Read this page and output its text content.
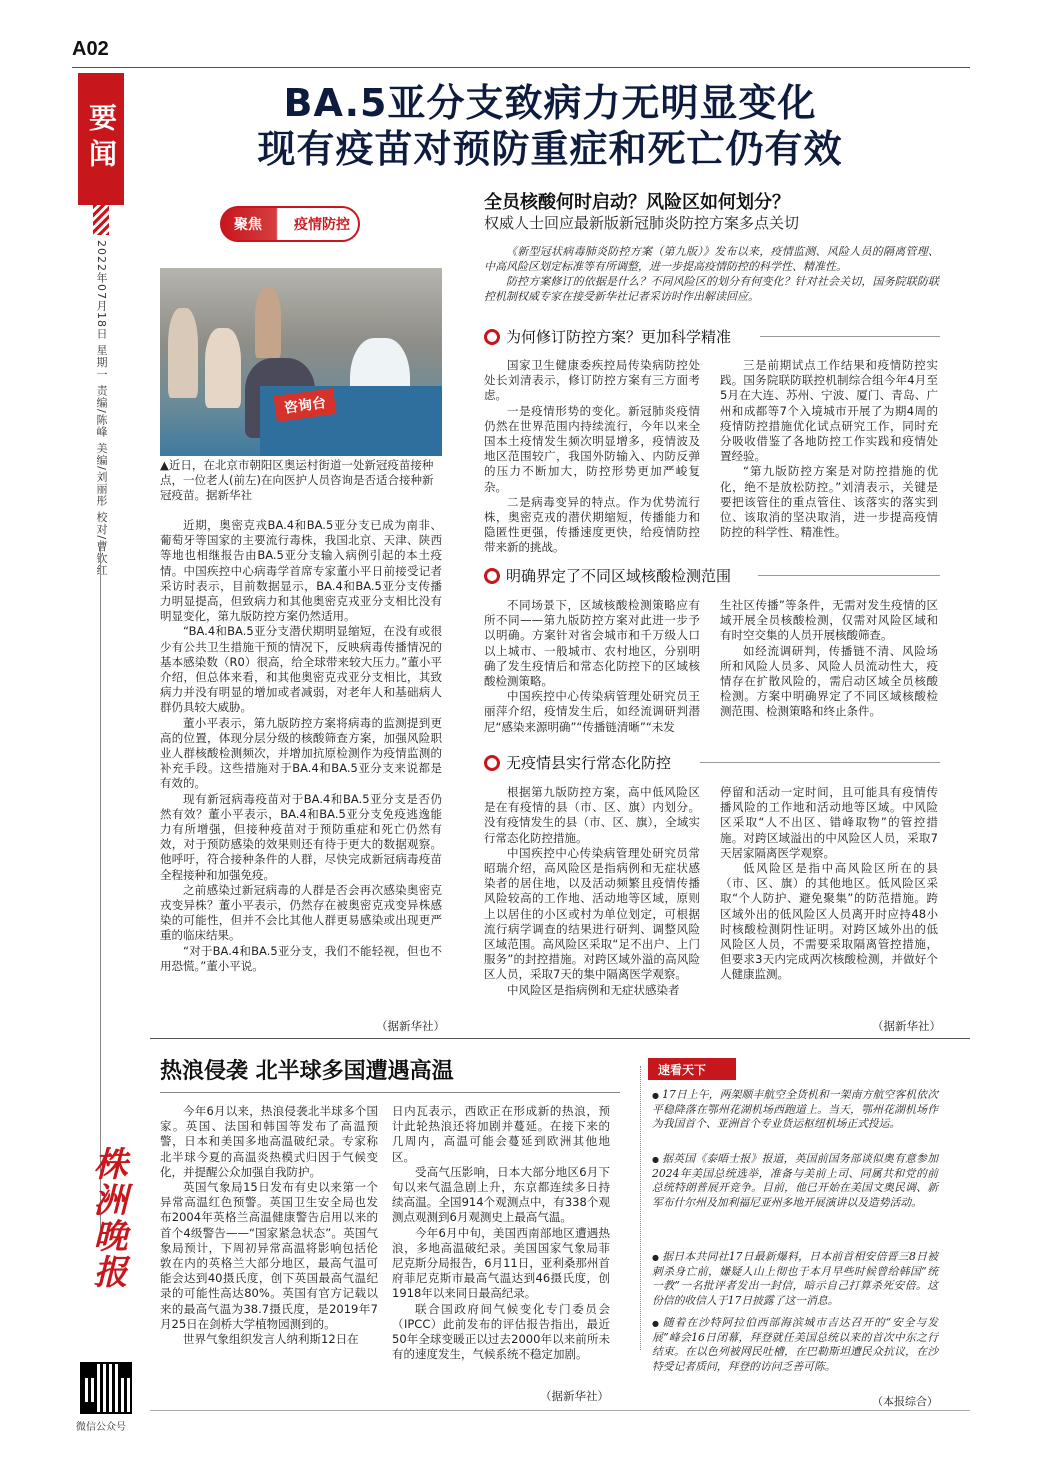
A02
要闻
2022年07月18日 星期一 责编/陈峰 美编/刘丽彤 校对/曹钦红
株洲晚报
微信公众号
BA.5亚分支致病力无明显变化
现有疫苗对预防重症和死亡仍有效
聚焦	疫情防控
咨询台
▲近日，在北京市朝阳区奥运村街道一处新冠疫苗接种点，一位老人(前左)在向医护人员咨询是否适合接种新冠疫苗。据新华社

近期，奥密克戎BA.4和BA.5亚分支已成为南非、葡萄牙等国家的主要流行毒株，我国北京、天津、陕西等地也相继报告由BA.5亚分支输入病例引起的本土疫情。中国疾控中心病毒学首席专家董小平日前接受记者采访时表示，目前数据显示，BA.4和BA.5亚分支传播力明显提高，但致病力和其他奥密克戎亚分支相比没有明显变化，第九版防控方案仍然适用。

“BA.4和BA.5亚分支潜伏期明显缩短，在没有或很少有公共卫生措施干预的情况下，反映病毒传播情况的基本感染数（R0）很高，给全球带来较大压力。”董小平介绍，但总体来看，和其他奥密克戎亚分支相比，其致病力并没有明显的增加或者减弱，对老年人和基础病人群仍具较大威胁。

董小平表示，第九版防控方案将病毒的监测提到更高的位置，体现分层分级的核酸筛查方案，加强风险职业人群核酸检测频次，并增加抗原检测作为疫情监测的补充手段。这些措施对于BA.4和BA.5亚分支来说都是有效的。

现有新冠病毒疫苗对于BA.4和BA.5亚分支是否仍然有效？董小平表示，BA.4和BA.5亚分支免疫逃逸能力有所增强，但接种疫苗对于预防重症和死亡仍然有效，对于预防感染的效果则还有待于更大的数据观察。他呼吁，符合接种条件的人群，尽快完成新冠病毒疫苗全程接种和加强免疫。

之前感染过新冠病毒的人群是否会再次感染奥密克戎变异株？董小平表示，仍然存在被奥密克戎变异株感染的可能性，但并不会比其他人群更易感染或出现更严重的临床结果。

“对于BA.4和BA.5亚分支，我们不能轻视，但也不用恐慌。”董小平说。

（据新华社）
全员核酸何时启动？风险区如何划分？
权威人士回应最新版新冠肺炎防控方案多点关切

《新型冠状病毒肺炎防控方案（第九版）》发布以来，疫情监测、风险人员的隔离管理、中高风险区划定标准等有所调整，进一步提高疫情防控的科学性、精准性。

防控方案修订的依据是什么？不同风险区的划分有何变化？针对社会关切，国务院联防联控机制权威专家在接受新华社记者采访时作出解读回应。

为何修订防控方案？更加科学精准

国家卫生健康委疾控局传染病防控处处长刘清表示，修订防控方案有三方面考虑。

一是疫情形势的变化。新冠肺炎疫情仍然在世界范围内持续流行，今年以来全国本土疫情发生频次明显增多，疫情波及地区范围较广，我国外防输入、内防反弹的压力不断加大，防控形势更加严峻复杂。

二是病毒变异的特点。作为优势流行株，奥密克戎的潜伏期缩短，传播能力和隐匿性更强，传播速度更快，给疫情防控带来新的挑战。

三是前期试点工作结果和疫情防控实践。国务院联防联控机制综合组今年4月至5月在大连、苏州、宁波、厦门、青岛、广州和成都等7个入境城市开展了为期4周的疫情防控措施优化试点研究工作，同时充分吸收借鉴了各地防控工作实践和疫情处置经验。

“第九版防控方案是对防控措施的优化，绝不是放松防控。”刘清表示，关键是要把该管住的重点管住、该落实的落实到位、该取消的坚决取消，进一步提高疫情防控的科学性、精准性。

明确界定了不同区域核酸检测范围

不同场景下，区域核酸检测策略应有所不同——第九版防控方案对此进一步予以明确。方案针对省会城市和千万级人口以上城市、一般城市、农村地区，分别明确了发生疫情后和常态化防控下的区域核酸检测策略。

中国疾控中心传染病管理处研究员王丽萍介绍，疫情发生后，如经流调研判潜尼“感染来源明确”“传播链清晰”“未发

生社区传播”等条件，无需对发生疫情的区域开展全员核酸检测，仅需对风险区域和有时空交集的人员开展核酸筛查。

如经流调研判，传播链不清、风险场所和风险人员多、风险人员流动性大，疫情存在扩散风险的，需启动区域全员核酸检测。方案中明确界定了不同区域核酸检测范围、检测策略和终止条件。

无疫情县实行常态化防控

根据第九版防控方案，高中低风险区是在有疫情的县（市、区、旗）内划分。没有疫情发生的县（市、区、旗），全域实行常态化防控措施。

中国疾控中心传染病管理处研究员常昭瑞介绍，高风险区是指病例和无症状感染者的居住地，以及活动频繁且疫情传播风险较高的工作地、活动地等区域，原则上以居住的小区或村为单位划定，可根据流行病学调查的结果进行研判、调整风险区域范围。高风险区采取“足不出户、上门服务”的封控措施。对跨区域外溢的高风险区人员，采取7天的集中隔离医学观察。

中风险区是指病例和无症状感染者

停留和活动一定时间，且可能具有疫情传播风险的工作地和活动地等区域。中风险区采取“人不出区、错峰取物”的管控措施。对跨区域溢出的中风险区人员，采取7天居家隔离医学观察。

低风险区是指中高风险区所在的县（市、区、旗）的其他地区。低风险区采取“个人防护、避免聚集”的防范措施。跨区域外出的低风险区人员离开时应持48小时核酸检测阴性证明。对跨区域外出的低风险区人员，不需要采取隔离管控措施，但要求3天内完成两次核酸检测，并做好个人健康监测。

（据新华社）
热浪侵袭 北半球多国遭遇高温

今年6月以来，热浪侵袭北半球多个国家。英国、法国和韩国等发布了高温预警，日本和美国多地高温破纪录。专家称北半球今夏的高温炎热模式归因于气候变化，并提醒公众加强自我防护。

英国气象局15日发布有史以来第一个异常高温红色预警。英国卫生安全局也发布2004年英格兰高温健康警告启用以来的首个4级警告——“国家紧急状态”。英国气象局预计，下周初异常高温将影响包括伦敦在内的英格兰大部分地区，最高气温可能会达到40摄氏度，创下英国最高气温纪录的可能性高达80%。英国有官方记载以来的最高气温为38.7摄氏度，是2019年7月25日在剑桥大学植物园测到的。

世界气象组织发言人纳利斯12日在

日内瓦表示，西欧正在形成新的热浪，预计此轮热浪还将加剧并蔓延。在接下来的几周内，高温可能会蔓延到欧洲其他地区。

受高气压影响，日本大部分地区6月下旬以来气温急剧上升，东京都连续多日持续高温。全国914个观测点中，有338个观测点观测到6月观测史上最高气温。

今年6月中旬，美国西南部地区遭遇热浪，多地高温破纪录。美国国家气象局菲尼克斯分局报告，6月11日，亚利桑那州首府菲尼克斯市最高气温达到46摄氏度，创1918年以来同日最高纪录。

联合国政府间气候变化专门委员会（IPCC）此前发布的评估报告指出，最近50年全球变暖正以过去2000年以来前所未有的速度发生，气候系统不稳定加剧。

（据新华社）
速看天下
● 17日上午，两架顺丰航空全货机和一架南方航空客机依次平稳降落在鄂州花湖机场西跑道上。当天，鄂州花湖机场作为我国首个、亚洲首个专业货运枢纽机场正式投运。
● 据英国《泰晤士报》报道，英国前国务部谈似奥有意参加2024年美国总统选举，准备与美前上司、同属共和党的前总统特朗普展开竞争。目前，他已开始在美国文奥民调、新军布什尔州及加利福尼亚州多地开展演讲以及造势活动。
● 据日本共同社17日最新爆料，日本前首相安倍晋三8日被刺杀身亡前，嫌疑人山上彻也于本月早些时候曾给韩国“统一教”一名批评者发出一封信，暗示自己打算杀死安倍。这份信的收信人于17日披露了这一消息。
● 随着在沙特阿拉伯西部海滨城市吉达召开的“安全与发展”峰会16日闭幕，拜登就任美国总统以来的首次中东之行结束。在以色列被网民吐槽，在巴勒斯坦遭民众抗议，在沙特受记者质问，拜登的访问乏善可陈。
（本报综合）
